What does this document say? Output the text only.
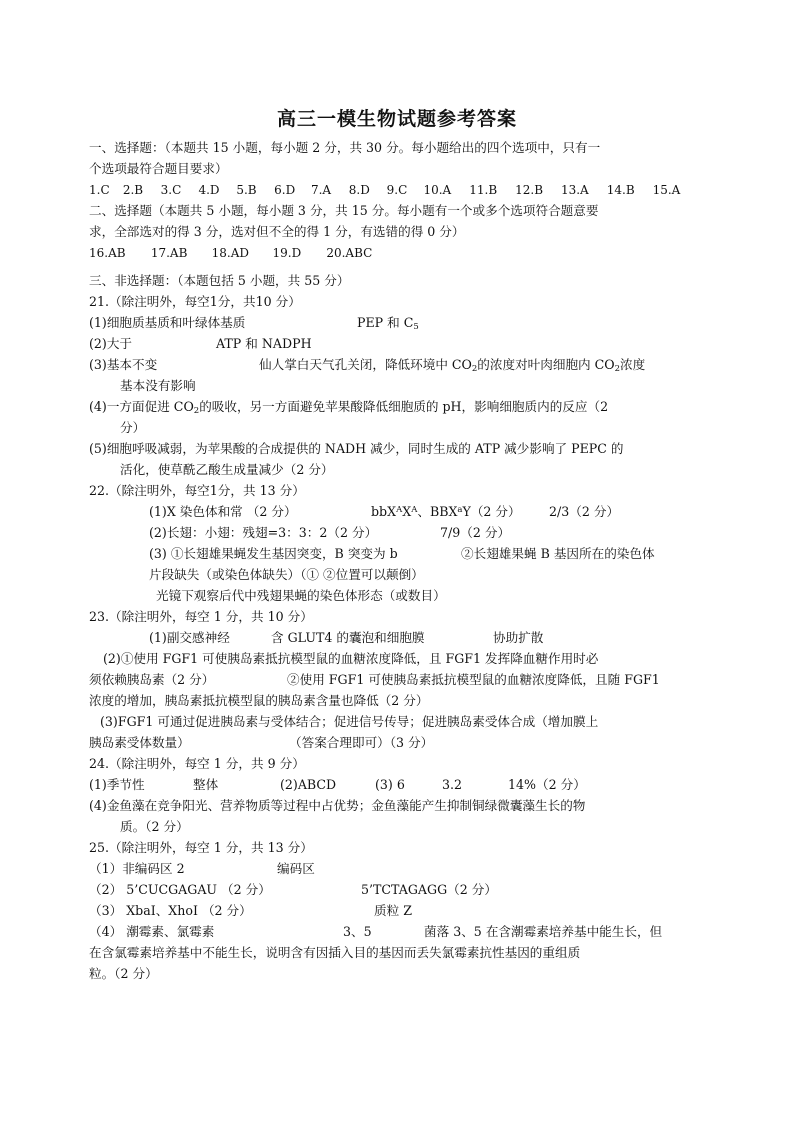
高三一模生物试题参考答案
一、选择题：（本题共 15 小题，每小题 2 分，共 30 分。每小题给出的四个选项中，只有一
个选项最符合题目要求）
1.C 2.B 3.C 4.D 5.B 6.D 7.A 8.D 9.C 10.A 11.B 12.B 13.A 14.B 15.A
二、选择题（本题共 5 小题，每小题 3 分，共 15 分。每小题有一个或多个选项符合题意要
求，全部选对的得 3 分，选对但不全的得 1 分，有选错的得 0 分）
16.AB 17.AB 18.AD 19.D 20.ABC
三、非选择题：（本题包括 5 小题，共 55 分）
21.（除注明外，每空1分，共10 分）
(1)细胞质基质和叶绿体基质	PEP 和 $C_5$
(2)大于	ATP 和 NADPH
(3)基本不变	仙人掌白天气孔关闭，降低环境中 $CO_2$的浓度对叶肉细胞内 $CO_2$浓度
基本没有影响
(4)一方面促进 $CO_2$的吸收，另一方面避免苹果酸降低细胞质的 pH，影响细胞质内的反应（2
分）
(5)细胞呼吸减弱，为苹果酸的合成提供的 NADH 减少，同时生成的 ATP 减少影响了 PEPC 的
活化，使草酰乙酸生成量减少（2 分）
22.（除注明外，每空1分，共 13 分）
(1)X 染色体和常 （2 分）	$bbX^AX^A$、BBX$^a$Y（2 分） 2/3（2 分）
(2)长翅：小翅：残翅=3：3：2（2 分）	7/9（2 分）
(3) ①长翅雄果蝇发生基因突变，B 突变为 b	②长翅雄果蝇 B 基因所在的染色体
片段缺失（或染色体缺失）（① ②位置可以颠倒）
光镜下观察后代中残翅果蝇的染色体形态（或数目）
23.（除注明外，每空 1 分，共 10 分）
(1)副交感神经	含 GLUT4 的囊泡和细胞膜	协助扩散
(2)①使用 FGF1 可使胰岛素抵抗模型鼠的血糖浓度降低，且 FGF1 发挥降血糖作用时必
须依赖胰岛素（2 分）	②使用 FGF1 可使胰岛素抵抗模型鼠的血糖浓度降低，且随 FGF1
浓度的增加，胰岛素抵抗模型鼠的胰岛素含量也降低（2 分）
(3)FGF1 可通过促进胰岛素与受体结合；促进信号传导；促进胰岛素受体合成（增加膜上
胰岛素受体数量）	（答案合理即可）（3 分）
24.（除注明外，每空 1 分，共 9 分）
(1)季节性	整体	(2)ABCD	(3) 6	3.2	14%（2 分）
(4)金鱼藻在竞争阳光、营养物质等过程中占优势；金鱼藻能产生抑制铜绿微囊藻生长的物
质。（2 分）
25.（除注明外，每空 1 分，共 13 分）
（1）非编码区 2	编码区
（2） 5’CUCGAGAU （2 分）	5’TCTAGAGG（2 分）
（3） XbaⅠ、XhoⅠ （2 分）	质粒 Z
（4） 潮霉素、氯霉素	3、5	菌落 3、5 在含潮霉素培养基中能生长，但
在含氯霉素培养基中不能生长，说明含有因插入目的基因而丢失氯霉素抗性基因的重组质
粒。（2 分）
